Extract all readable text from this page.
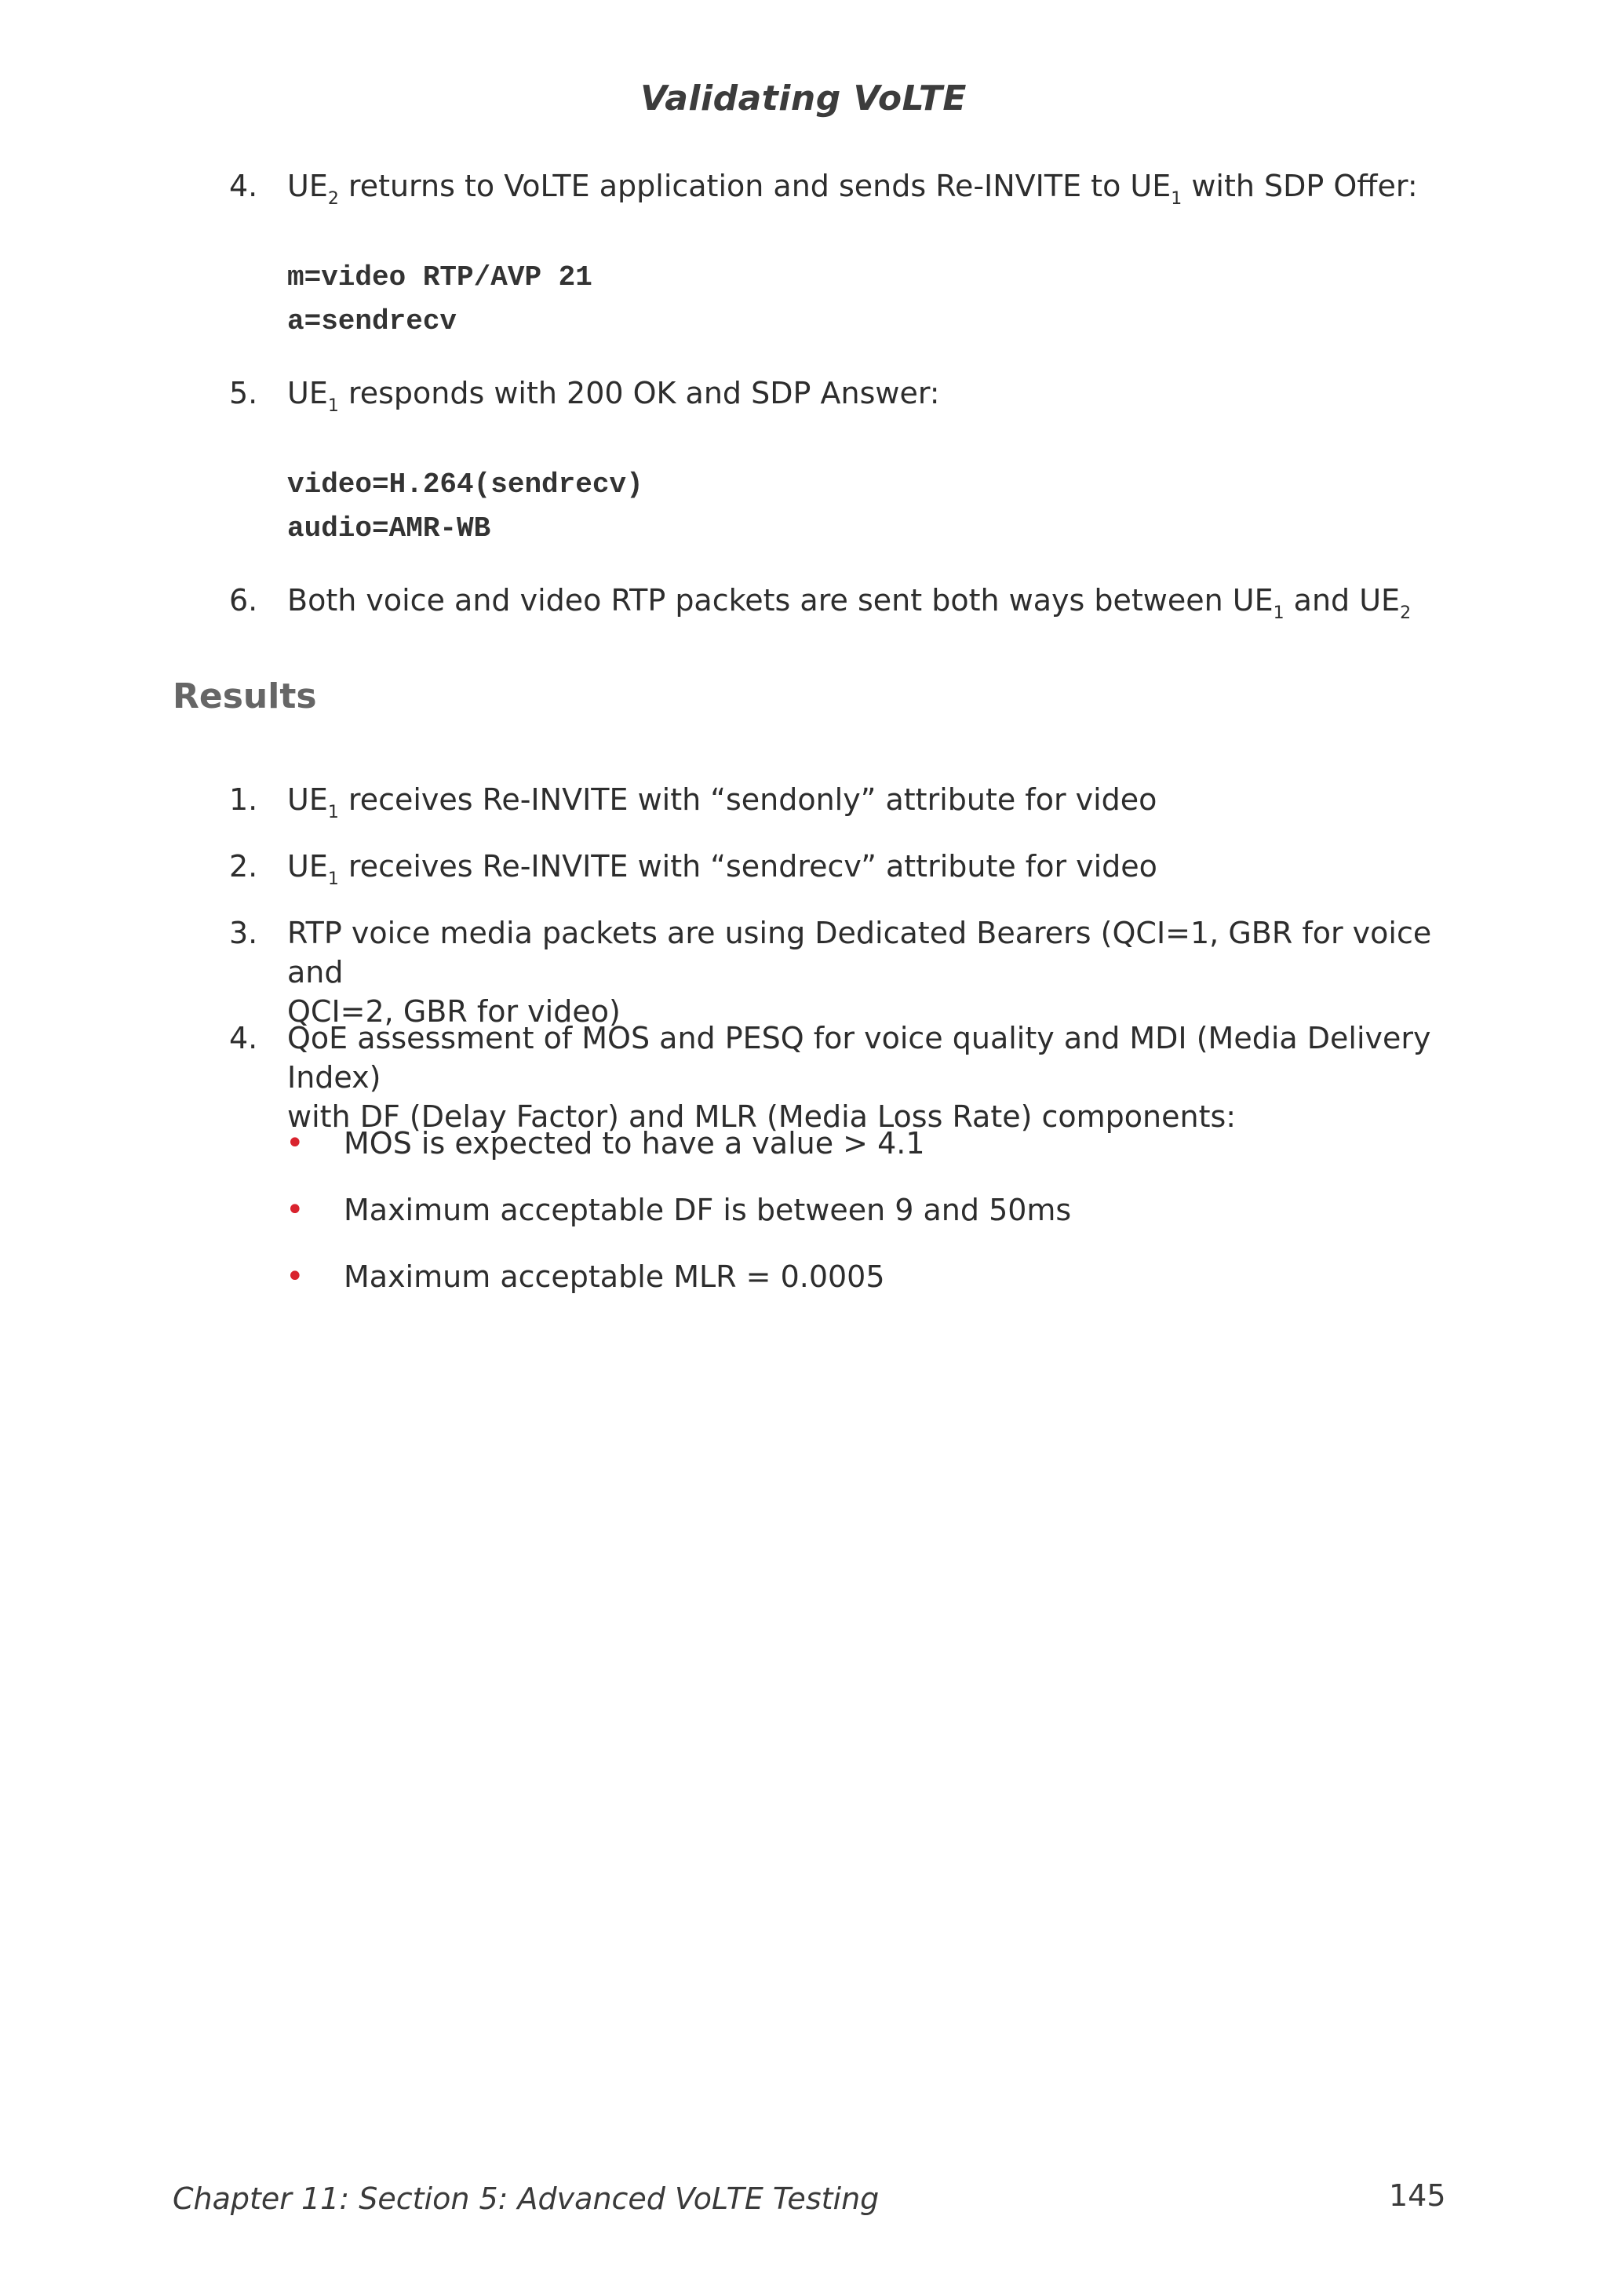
Validating VoLTE
4. $UE_2$ returns to VoLTE application and sends Re-INVITE to $UE_1$ with SDP Offer:
m=video RTP/AVP 21
a=sendrecv
5. $UE_1$ responds with 200 OK and SDP Answer:
video=H.264(sendrecv)
audio=AMR-WB
6. Both voice and video RTP packets are sent both ways between $UE_1$ and $UE_2$
Results
1. $UE_1$ receives Re-INVITE with “sendonly” attribute for video
2. $UE_1$ receives Re-INVITE with “sendrecv” attribute for video
3. RTP voice media packets are using Dedicated Bearers (QCI=1, GBR for voice and
QCI=2, GBR for video)
4. QoE assessment of MOS and PESQ for voice quality and MDI (Media Delivery Index)
with DF (Delay Factor) and MLR (Media Loss Rate) components:
• MOS is expected to have a value > 4.1
• Maximum acceptable DF is between 9 and 50ms
• Maximum acceptable MLR = 0.0005
Chapter 11: Section 5: Advanced VoLTE Testing	145
